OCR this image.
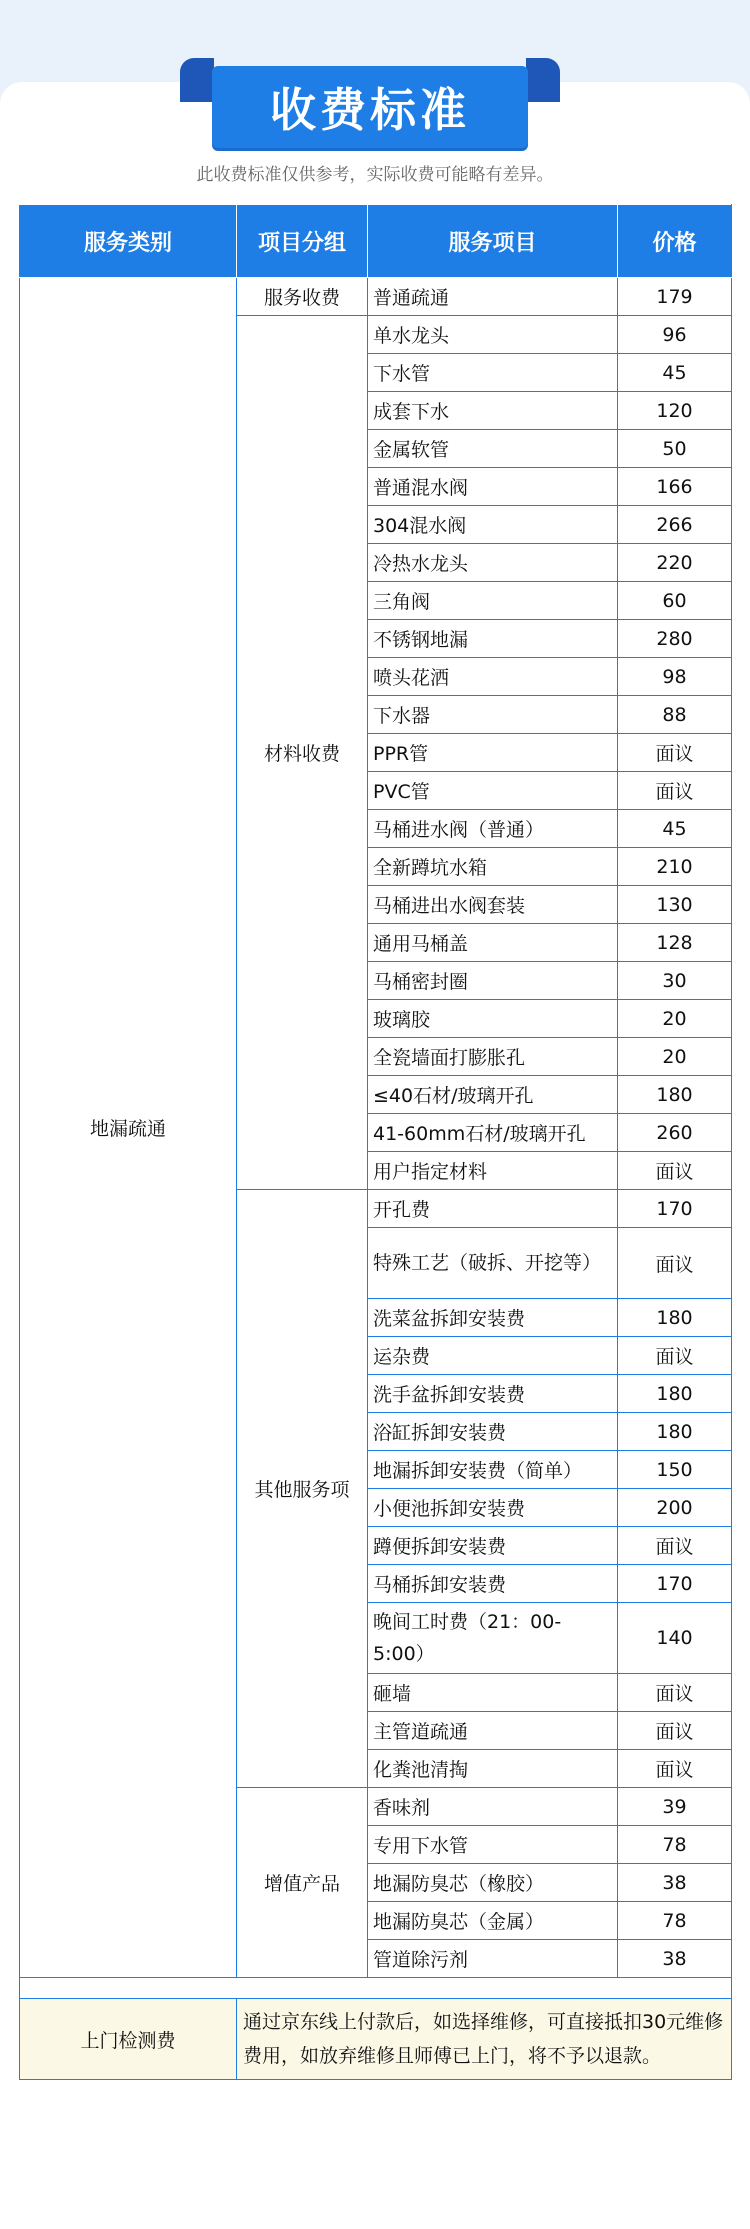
收费标准
此收费标准仅供参考，实际收费可能略有差异。
服务类别	项目分组	服务项目	价格
地漏疏通	服务收费	普通疏通	179
	材料收费	单水龙头	96
		下水管	45
		成套下水	120
		金属软管	50
		普通混水阀	166
		304混水阀	266
		冷热水龙头	220
		三角阀	60
		不锈钢地漏	280
		喷头花洒	98
		下水器	88
		PPR管	面议
		PVC管	面议
		马桶进水阀（普通）	45
		全新蹲坑水箱	210
		马桶进出水阀套装	130
		通用马桶盖	128
		马桶密封圈	30
		玻璃胶	20
		全瓷墙面打膨胀孔	20
		≤40石材/玻璃开孔	180
		41-60mm石材/玻璃开孔	260
		用户指定材料	面议
	其他服务项	开孔费	170
		特殊工艺（破拆、开挖等）	面议
		洗菜盆拆卸安装费	180
		运杂费	面议
		洗手盆拆卸安装费	180
		浴缸拆卸安装费	180
		地漏拆卸安装费（简单）	150
		小便池拆卸安装费	200
		蹲便拆卸安装费	面议
		马桶拆卸安装费	170
		晚间工时费（21：00-5:00）	140
		砸墙	面议
		主管道疏通	面议
		化粪池清掏	面议
	增值产品	香味剂	39
		专用下水管	78
		地漏防臭芯（橡胶）	38
		地漏防臭芯（金属）	78
		管道除污剂	38

上门检测费	通过京东线上付款后，如选择维修，可直接抵扣30元维修费用，如放弃维修且师傅已上门，将不予以退款。		
